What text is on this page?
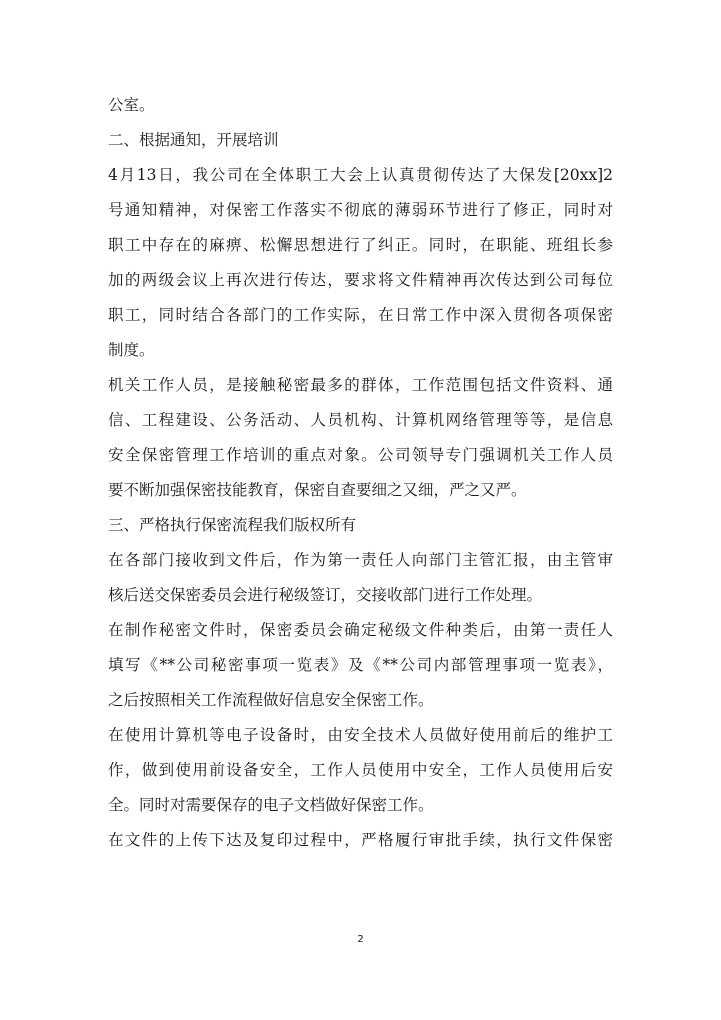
公室。
二、根据通知，开展培训
4月13日，我公司在全体职工大会上认真贯彻传达了大保发[20xx]2
号通知精神，对保密工作落实不彻底的薄弱环节进行了修正，同时对
职工中存在的麻痹、松懈思想进行了纠正。同时，在职能、班组长参
加的两级会议上再次进行传达，要求将文件精神再次传达到公司每位
职工，同时结合各部门的工作实际，在日常工作中深入贯彻各项保密
制度。
机关工作人员，是接触秘密最多的群体，工作范围包括文件资料、通
信、工程建设、公务活动、人员机构、计算机网络管理等等，是信息
安全保密管理工作培训的重点对象。公司领导专门强调机关工作人员
要不断加强保密技能教育，保密自查要细之又细，严之又严。
三、严格执行保密流程我们版权所有
在各部门接收到文件后，作为第一责任人向部门主管汇报，由主管审
核后送交保密委员会进行秘级签订，交接收部门进行工作处理。
在制作秘密文件时，保密委员会确定秘级文件种类后，由第一责任人
填写《**公司秘密事项一览表》及《**公司内部管理事项一览表》，
之后按照相关工作流程做好信息安全保密工作。
在使用计算机等电子设备时，由安全技术人员做好使用前后的维护工
作，做到使用前设备安全，工作人员使用中安全，工作人员使用后安
全。同时对需要保存的电子文档做好保密工作。
在文件的上传下达及复印过程中，严格履行审批手续，执行文件保密
2
